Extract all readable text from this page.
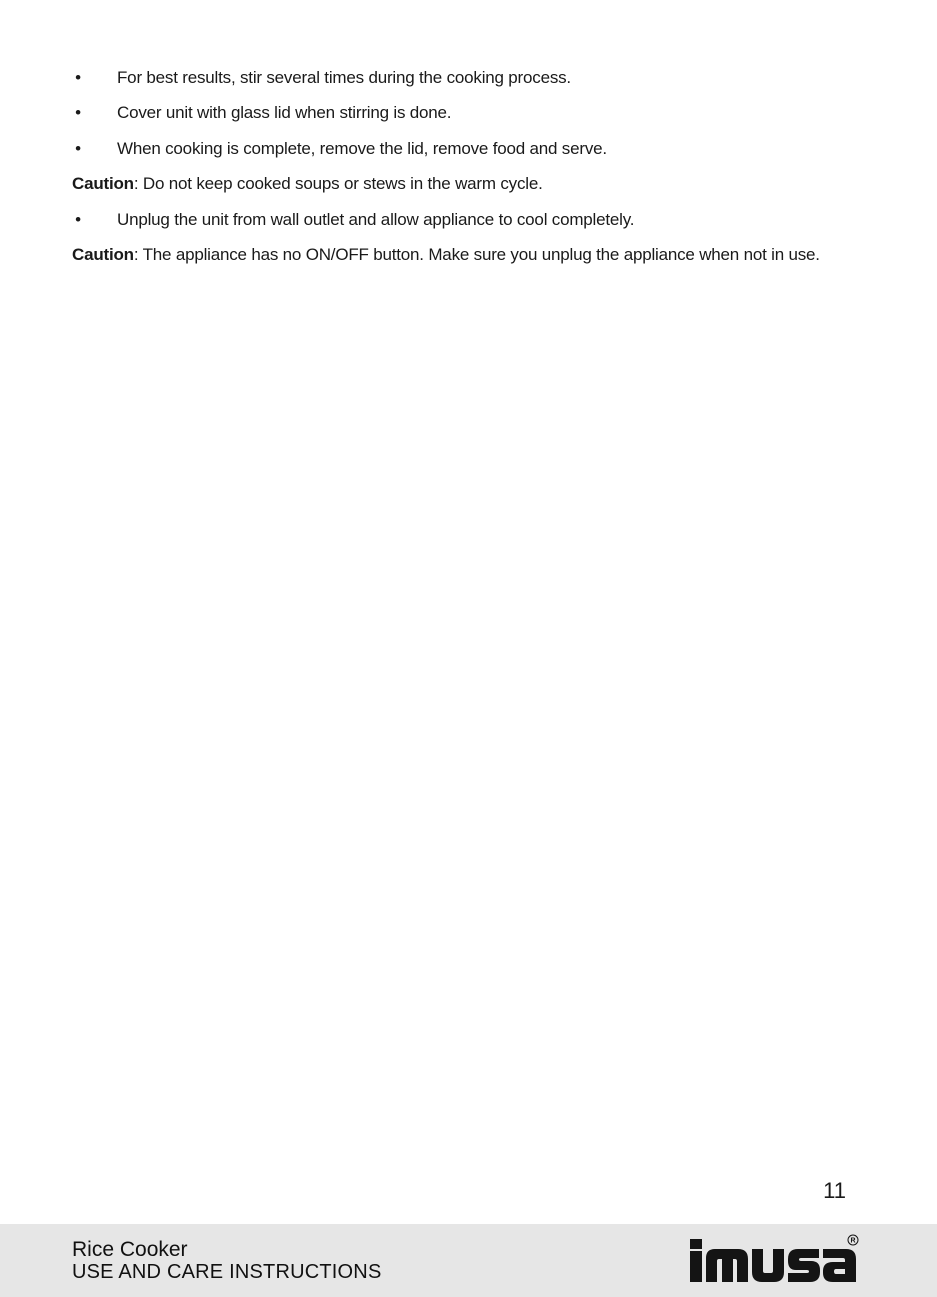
• For best results, stir several times during the cooking process.
• Cover unit with glass lid when stirring is done.
• When cooking is complete, remove the lid, remove food and serve.
Caution: Do not keep cooked soups or stews in the warm cycle.
• Unplug the unit from wall outlet and allow appliance to cool completely.
Caution: The appliance has no ON/OFF button. Make sure you unplug the appliance when not in use.
11
Rice Cooker
USE AND CARE INSTRUCTIONS
R
